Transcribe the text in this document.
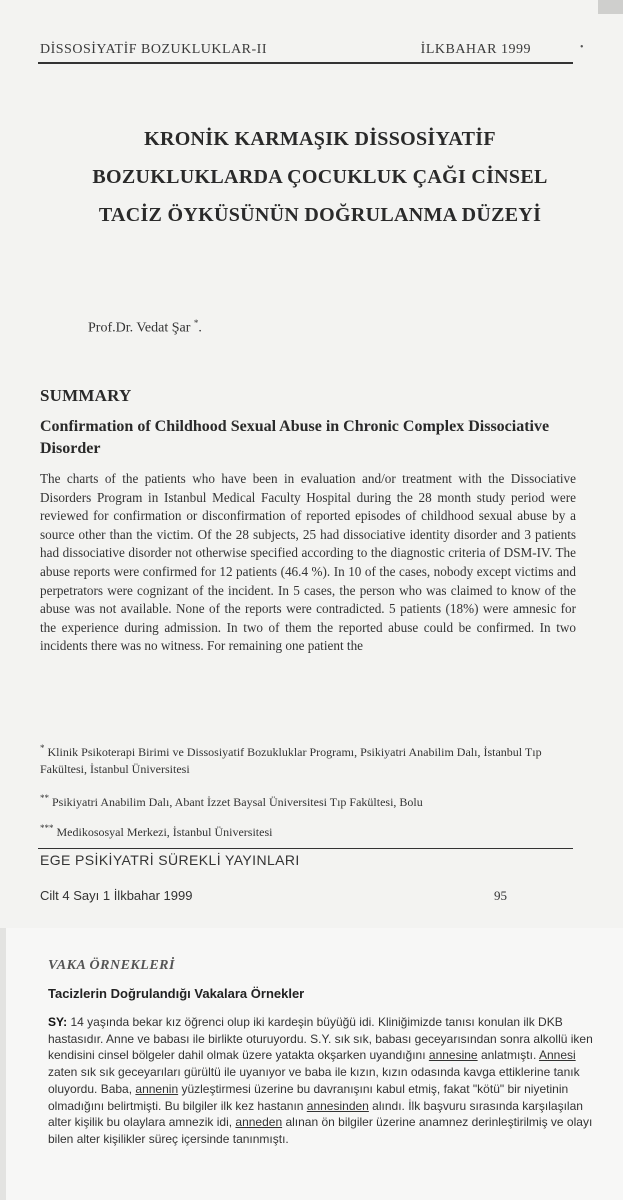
DİSSOSİYATİF BOZUKLUKLAR-II	İLKBAHAR 1999	•
KRONİK KARMAŞIK DİSSOSİYATİF
BOZUKLUKLARDA ÇOCUKLUK ÇAĞI CİNSEL
TACİZ ÖYKÜSÜNÜN DOĞRULANMA DÜZEYİ
Prof.Dr. Vedat Şar *.
SUMMARY
Confirmation of Childhood Sexual Abuse in Chronic Complex Dissociative Disorder
The charts of the patients who have been in evaluation and/or treatment with the Dissociative Disorders Program in Istanbul Medical Faculty Hospital during the 28 month study period were reviewed for confirmation or disconfirmation of reported episodes of childhood sexual abuse by a source other than the victim. Of the 28 subjects, 25 had dissociative identity disorder and 3 patients had dissociative disorder not otherwise specified according to the diagnostic criteria of DSM-IV. The abuse reports were confirmed for 12 patients (46.4 %). In 10 of the cases, nobody except victims and perpetrators were cognizant of the incident. In 5 cases, the person who was claimed to know of the abuse was not available. None of the reports were contradicted. 5 patients (18%) were amnesic for the experience during admission. In two of them the reported abuse could be confirmed. In two incidents there was no witness. For remaining one patient the
* Klinik Psikoterapi Birimi ve Dissosiyatif Bozukluklar Programı, Psikiyatri Anabilim Dalı, İstanbul Tıp Fakültesi, İstanbul Üniversitesi
** Psikiyatri Anabilim Dalı, Abant İzzet Baysal Üniversitesi Tıp Fakültesi, Bolu
*** Medikososyal Merkezi, İstanbul Üniversitesi
EGE PSİKİYATRİ SÜREKLİ YAYINLARI
Cilt 4 Sayı 1 İlkbahar 1999	95
VAKA ÖRNEKLERİ
Tacizlerin Doğrulandığı Vakalara Örnekler
SY: 14 yaşında bekar kız öğrenci olup iki kardeşin büyüğü idi. Kliniğimizde tanısı konulan ilk DKB hastasıdır. Anne ve babası ile birlikte oturuyordu. S.Y. sık sık, babası geceyarısından sonra alkollü iken kendisini cinsel bölgeler dahil olmak üzere yatakta okşarken uyandığını annesine anlatmıştı. Annesi zaten sık sık geceyarıları gürültü ile uyanıyor ve baba ile kızın, kızın odasında kavga ettiklerine tanık oluyordu. Baba, annenin yüzleştirmesi üzerine bu davranışını kabul etmiş, fakat "kötü" bir niyetinin olmadığını belirtmişti. Bu bilgiler ilk kez hastanın annesinden alındı. İlk başvuru sırasında karşılaşılan alter kişilik bu olaylara amnezik idi, anneden alınan ön bilgiler üzerine anamnez derinleştirilmiş ve olayı bilen alter kişilikler süreç içersinde tanınmıştı.
